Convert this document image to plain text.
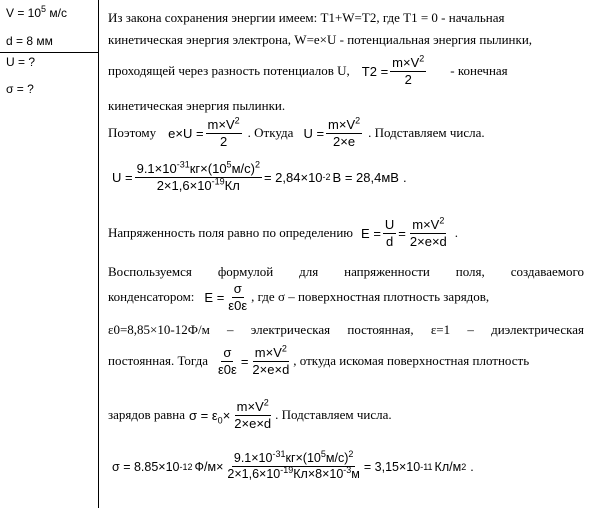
$V = 10^5$ м/с
d = 8 мм
U = ?
σ = ?
Из закона сохранения энергии имеем: T1+W=T2, где T1 = 0 - начальная
кинетическая энергия электрона, W=e×U - потенциальная энергия пылинки,
проходящей через разность потенциалов U, $T2 = \frac{m\times V^2}{2}$ - конечная
кинетическая энергия пылинки.
Поэтому $e\times U = \frac{m\times V^2}{2}$ . Откуда $U = \frac{m\times V^2}{2\times e}$ . Подставляем числа.
$U = \frac{9.1\times 10^{-31}кг\times(10^5м/с)^2}{2\times 1,6\times 10^{-19}Кл} = 2,84\times 10$ -2 В = 28,4мВ .
Напряженность поля равно по определению $E = \frac{U}{d} = \frac{m\times V^2}{2\times e\times d}$ .
Воспользуемся формулой для напряженности поля, создаваемого
конденсатором: $E = \frac{\sigma}{\varepsilon 0\varepsilon}$ , где σ – поверхностная плотность зарядов,
ε0=8,85×10-12Ф/м – электрическая постоянная, ε=1 – диэлектрическая
постоянная. Тогда $\frac{\sigma}{\varepsilon 0\varepsilon} = \frac{m\times V^2}{2\times e\times d}$ , откуда искомая поверхностная плотность
зарядов равна $\sigma = \varepsilon_0\times \frac{m\times V^2}{2\times e\times d}$ . Подставляем числа.
σ = 8.85×10 -12 $Ф/м\times \frac{9.1\times 10^{-31}кг\times(10^5м/с)^2}{2\times 1,6\times 10^{-19}Кл\times 8\times 10^{-3}м} = 3,15\times 10$ -11 Кл/м 2 .
